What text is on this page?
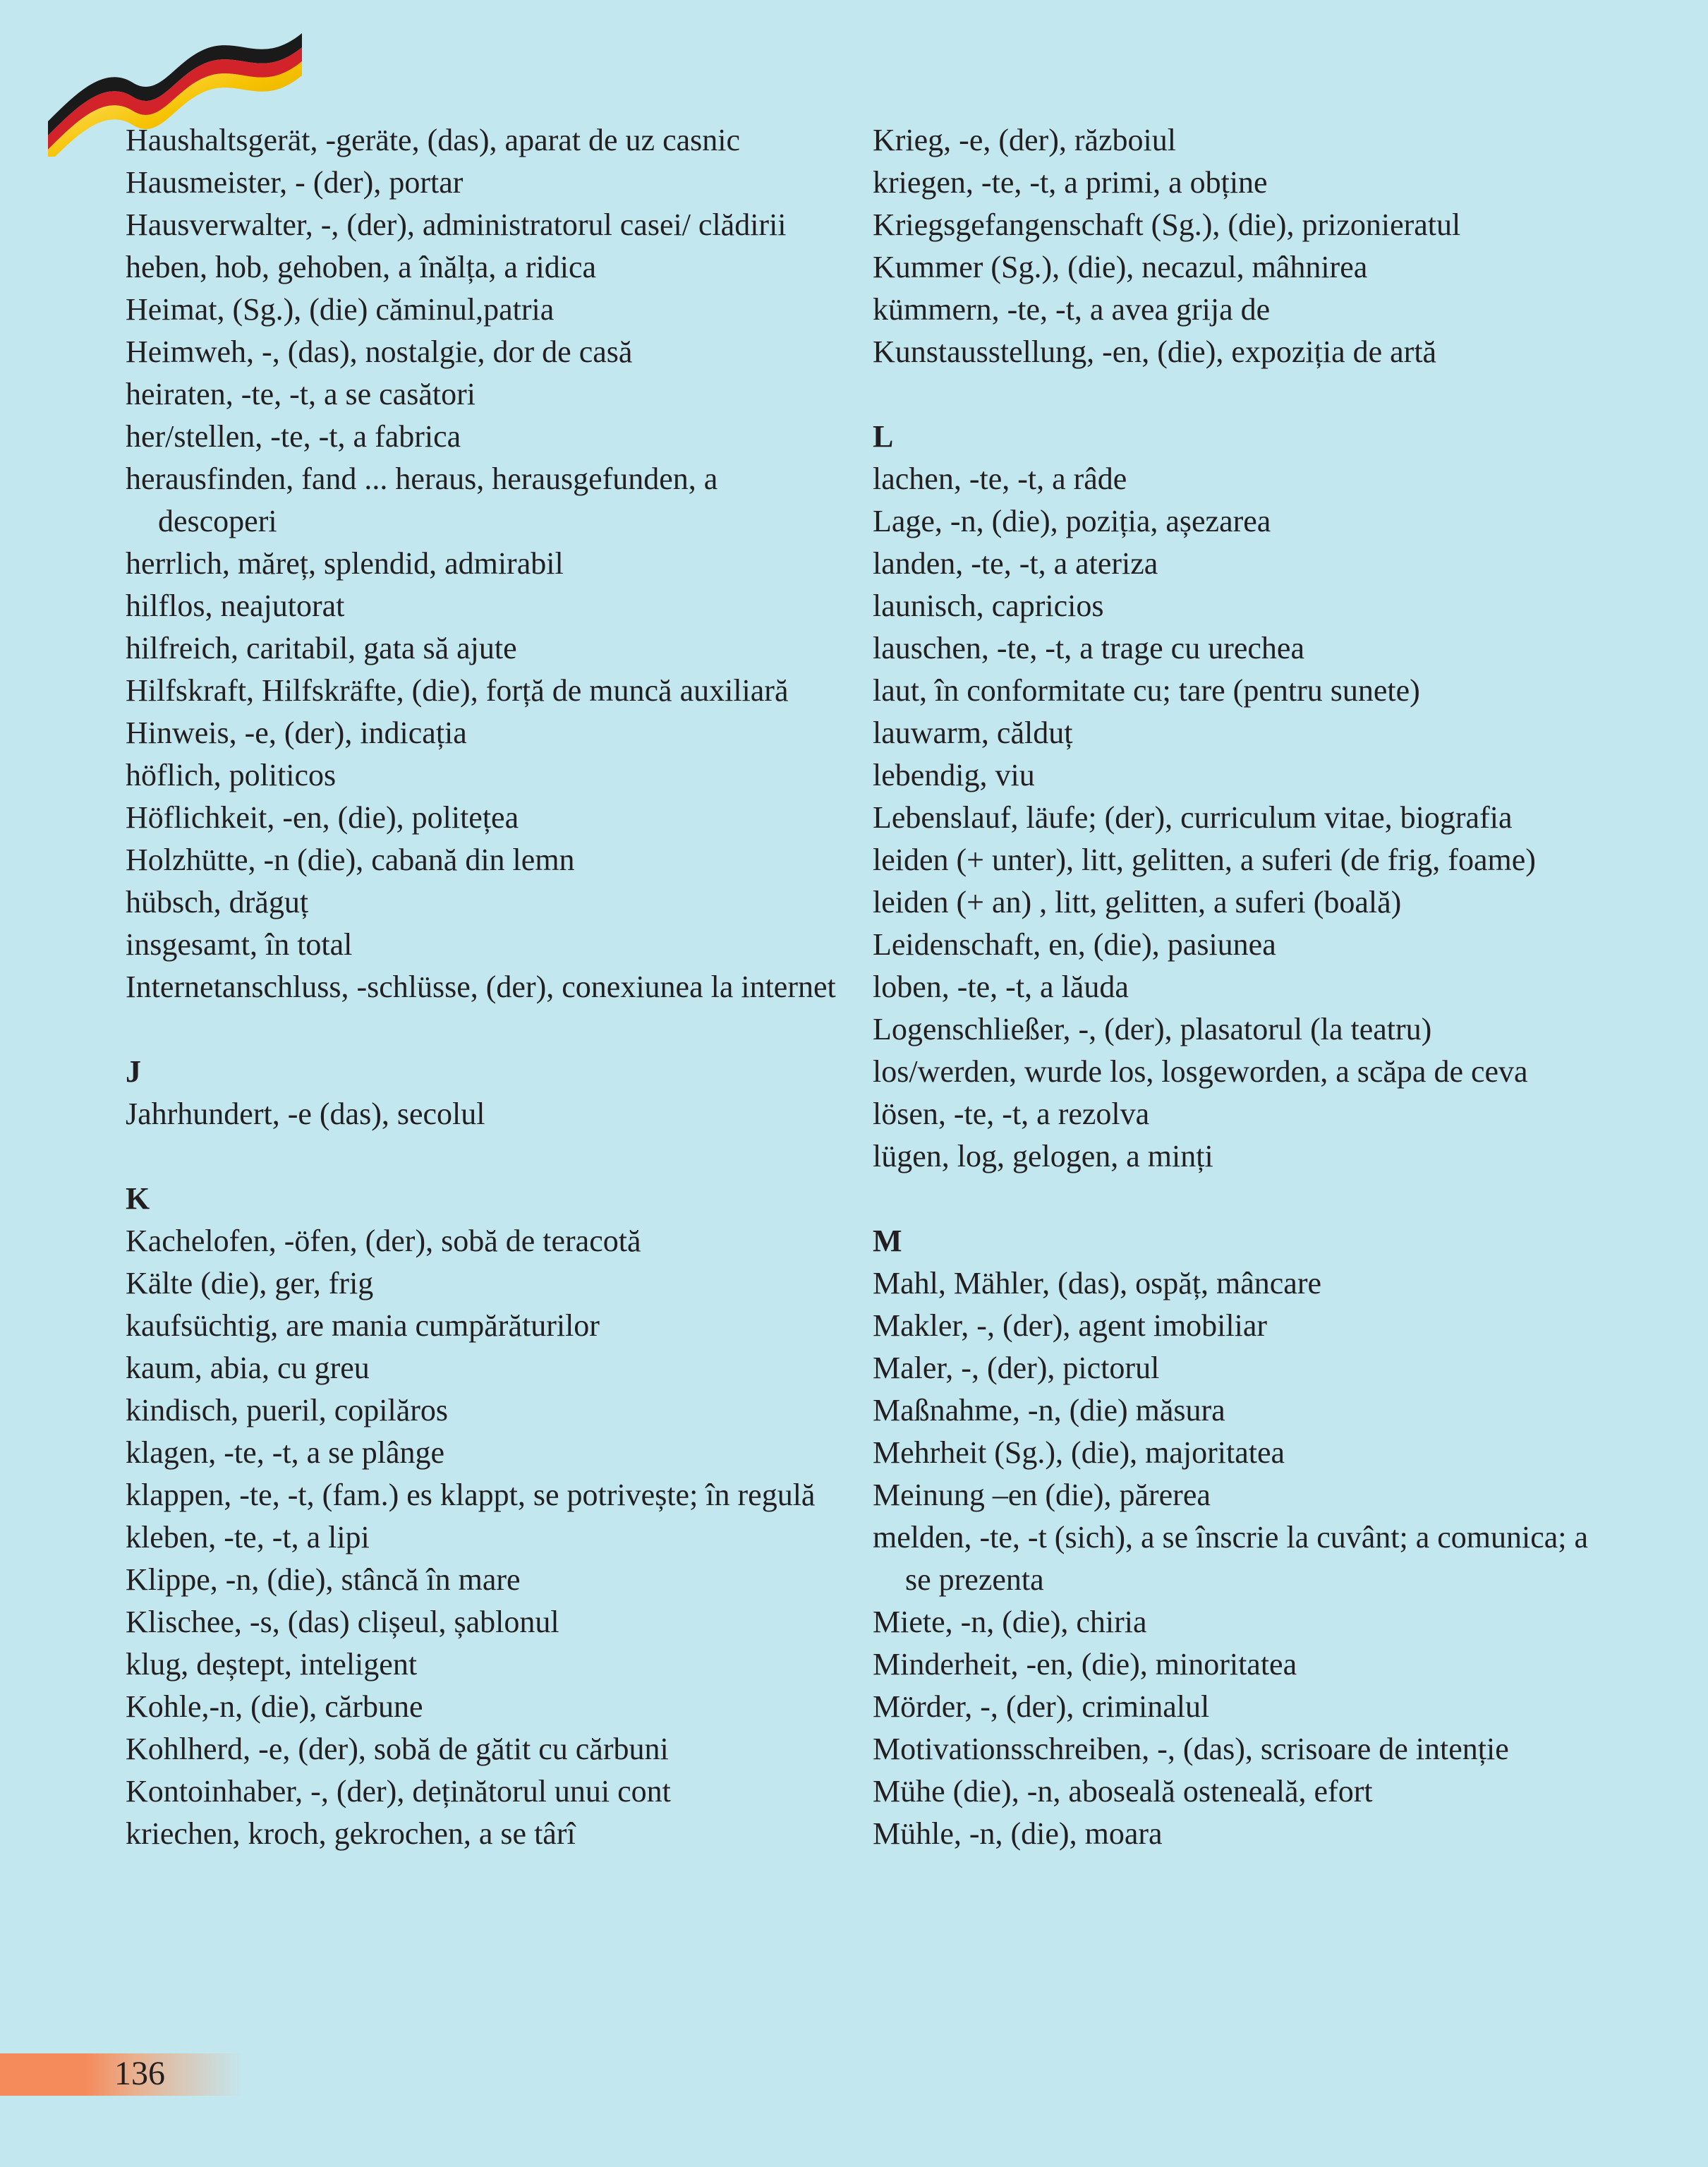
Haushaltsgerät, -geräte, (das), aparat de uz casnic
Hausmeister, - (der), portar
Hausverwalter, -, (der), administratorul casei/ clădirii
heben, hob, gehoben, a înălța, a ridica
Heimat, (Sg.), (die) căminul,patria
Heimweh, -, (das), nostalgie, dor de casă
heiraten, -te, -t, a se casători
her/stellen, -te, -t, a fabrica
herausfinden, fand ... heraus, herausgefunden, a descoperi
herrlich, măreț, splendid, admirabil
hilflos, neajutorat
hilfreich, caritabil, gata să ajute
Hilfskraft, Hilfskräfte, (die), forță de muncă auxiliară
Hinweis, -e, (der), indicația
höflich, politicos
Höflichkeit, -en, (die), politețea
Holzhütte, -n (die), cabană din lemn
hübsch, drăguț
insgesamt, în total
Internetanschluss, -schlüsse, (der), conexiunea la internet
J
Jahrhundert, -e (das), secolul
K
Kachelofen, -öfen, (der), sobă de teracotă
Kälte (die), ger, frig
kaufsüchtig, are mania cumpărăturilor
kaum, abia, cu greu
kindisch, pueril, copilăros
klagen, -te, -t, a se plânge
klappen, -te, -t, (fam.) es klappt, se potrivește; în regulă
kleben, -te, -t, a lipi
Klippe, -n, (die), stâncă în mare
Klischee, -s, (das) clișeul, șablonul
klug, deștept, inteligent
Kohle,-n, (die), cărbune
Kohlherd, -e, (der), sobă de gătit cu cărbuni
Kontoinhaber, -, (der), deținătorul unui cont
kriechen, kroch, gekrochen, a se târî
Krieg, -e, (der), războiul
kriegen, -te, -t, a primi, a obține
Kriegsgefangenschaft (Sg.), (die), prizonieratul
Kummer (Sg.), (die), necazul, mâhnirea
kümmern, -te, -t, a avea grija de
Kunstausstellung, -en, (die), expoziția de artă
L
lachen, -te, -t, a râde
Lage, -n, (die), poziția, așezarea
landen, -te, -t, a ateriza
launisch, capricios
lauschen, -te, -t, a trage cu urechea
laut, în conformitate cu; tare (pentru sunete)
lauwarm, călduț
lebendig, viu
Lebenslauf, läufe; (der), curriculum vitae, biografia
leiden (+ unter), litt, gelitten, a suferi (de frig, foame)
leiden (+ an) , litt, gelitten, a suferi (boală)
Leidenschaft, en, (die), pasiunea
loben, -te, -t, a lăuda
Logenschließer, -, (der), plasatorul (la teatru)
los/werden, wurde los, losgeworden, a scăpa de ceva
lösen, -te, -t, a rezolva
lügen, log, gelogen, a minți
M
Mahl, Mähler, (das), ospăț, mâncare
Makler, -, (der), agent imobiliar
Maler, -, (der), pictorul
Maßnahme, -n, (die) măsura
Mehrheit (Sg.), (die), majoritatea
Meinung –en (die), părerea
melden, -te, -t (sich), a se înscrie la cuvânt; a comunica; a se prezenta
Miete, -n, (die), chiria
Minderheit, -en, (die), minoritatea
Mörder, -, (der), criminalul
Motivationsschreiben, -, (das), scrisoare de intenție
Mühe (die), -n, aboseală osteneală, efort
Mühle, -n, (die), moara
136
